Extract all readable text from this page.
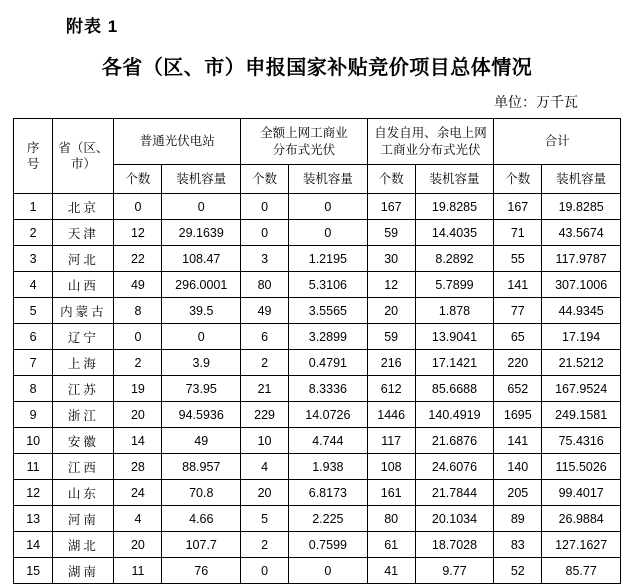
附表 1
各省（区、市）申报国家补贴竞价项目总体情况
单位：万千瓦
序
号

省（区、
市）

普通光伏电站

全额上网工商业
分布式光伏

自发自用、余电上网
工商业分布式光伏

合计

		个数	装机容量	个数	装机容量	个数	装机容量	个数	装机容量
1	北京	0	0	0	0	167	19.8285	167	19.8285
2	天津	12	29.1639	0	0	59	14.4035	71	43.5674
3	河北	22	108.47	3	1.2195	30	8.2892	55	117.9787
4	山西	49	296.0001	80	5.3106	12	5.7899	141	307.1006
5	内蒙古	8	39.5	49	3.5565	20	1.878	77	44.9345
6	辽宁	0	0	6	3.2899	59	13.9041	65	17.194
7	上海	2	3.9	2	0.4791	216	17.1421	220	21.5212
8	江苏	19	73.95	21	8.3336	612	85.6688	652	167.9524
9	浙江	20	94.5936	229	14.0726	1446	140.4919	1695	249.1581
10	安徽	14	49	10	4.744	117	21.6876	141	75.4316
11	江西	28	88.957	4	1.938	108	24.6076	140	115.5026
12	山东	24	70.8	20	6.8173	161	21.7844	205	99.4017
13	河南	4	4.66	5	2.225	80	20.1034	89	26.9884
14	湖北	20	107.7	2	0.7599	61	18.7028	83	127.1627
15	湖南	11	76	0	0	41	9.77	52	85.77
